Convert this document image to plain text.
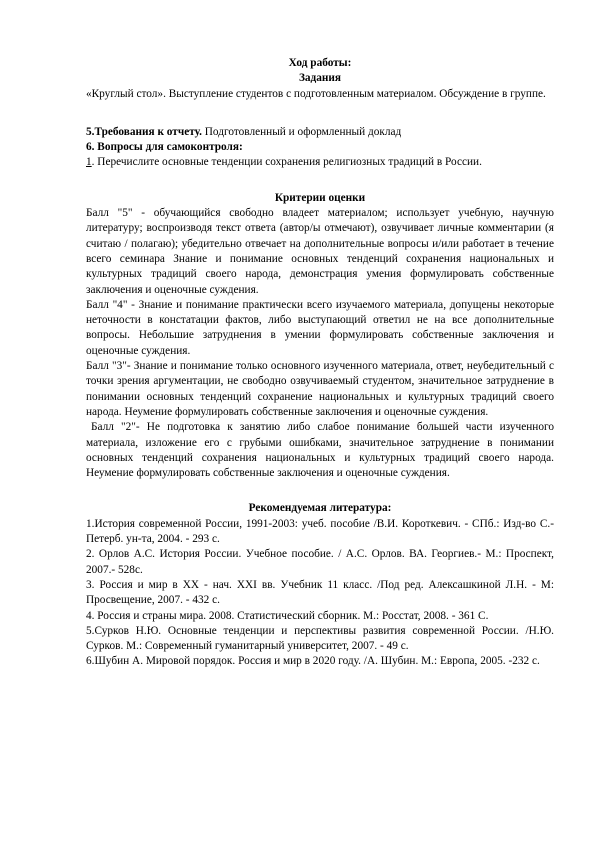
Ход работы:

Задания

«Круглый стол». Выступление студентов с подготовленным материалом. Обсуждение в группе.

5.Требования к отчету. Подготовленный и оформленный доклад

6. Вопросы для самоконтроля:

1. Перечислите основные тенденции сохранения религиозных традиций в России.

Критерии оценки

Балл "5" - обучающийся свободно владеет материалом; использует учебную, научную литературу; воспроизводя текст ответа (автор/ы отмечают), озвучивает личные комментарии (я считаю / полагаю); убедительно отвечает на дополнительные вопросы и/или работает в течение всего семинара Знание и понимание основных тенденций сохранения национальных и культурных традиций своего народа, демонстрация умения формулировать собственные заключения и оценочные суждения.

Балл "4" - Знание и понимание практически всего изучаемого материала, допущены некоторые неточности в констатации фактов, либо выступающий ответил не на все дополнительные вопросы. Небольшие затруднения в умении формулировать собственные заключения и оценочные суждения.

Балл "3"- Знание и понимание только основного изученного материала, ответ, неубедительный с точки зрения аргументации, не свободно озвучиваемый студентом, значительное затруднение в понимании основных тенденций сохранение национальных и культурных традиций своего народа. Неумение формулировать собственные заключения и оценочные суждения.

Балл "2"- Не подготовка к занятию либо слабое понимание большей части изученного материала, изложение его с грубыми ошибками, значительное затруднение в понимании основных тенденций сохранения национальных и культурных традиций своего народа. Неумение формулировать собственные заключения и оценочные суждения.

Рекомендуемая литература:

1.История современной России, 1991-2003: учеб. пособие /В.И. Короткевич. - СПб.: Изд-во С.-Петерб. ун-та, 2004. - 293 с.

2. Орлов А.С. История России. Учебное пособие. / А.С. Орлов. ВА. Георгиев.- М.: Проспект, 2007.- 528с.

3. Россия и мир в XX - нач. XXI вв. Учебник 11 класс. /Под ред. Алексашкиной Л.Н. - М: Просвещение, 2007. - 432 с.

4. Россия и страны мира. 2008. Статистический сборник. М.: Росстат, 2008. - 361 С.

5.Сурков Н.Ю. Основные тенденции и перспективы развития современной России. /Н.Ю. Сурков. М.: Современный гуманитарный университет, 2007. - 49 с.

6.Шубин А. Мировой порядок. Россия и мир в 2020 году. /А. Шубин. М.: Европа, 2005. -232 с.
